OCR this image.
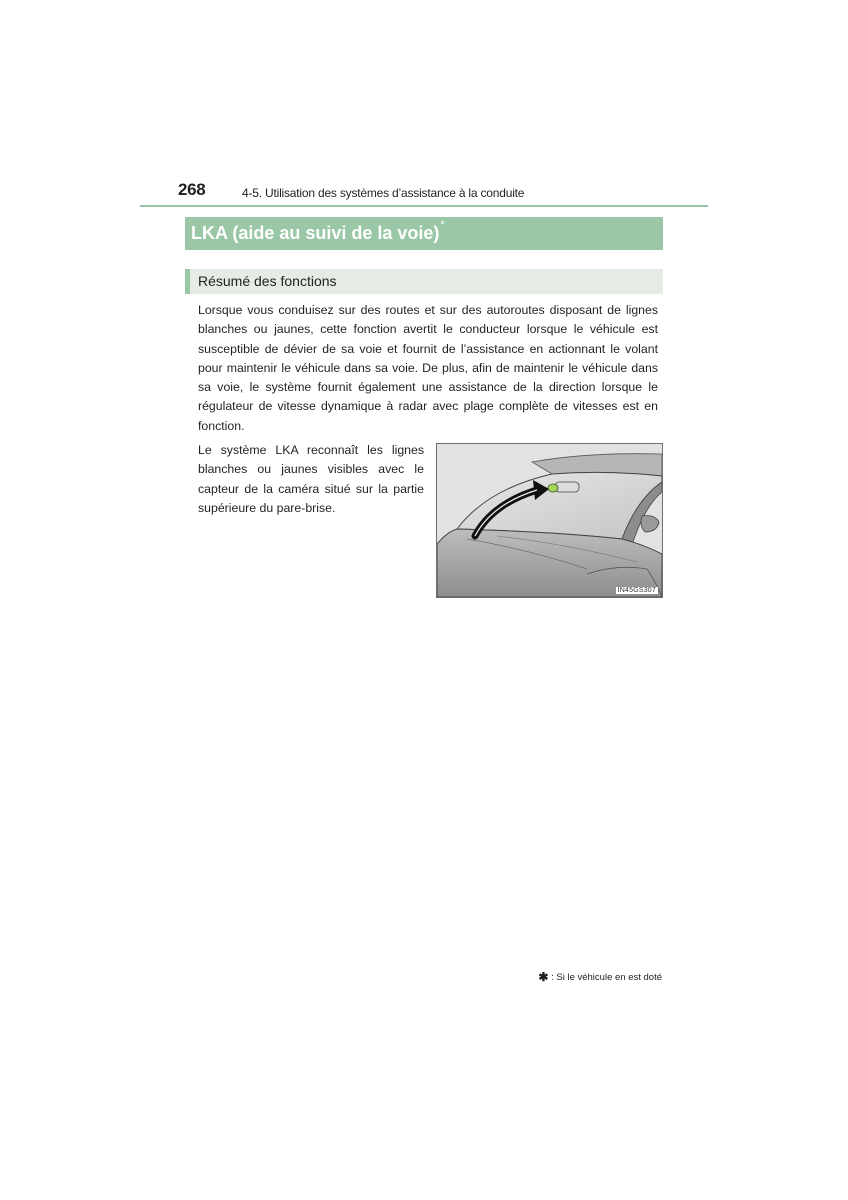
268	4-5. Utilisation des systèmes d’assistance à la conduite
LKA (aide au suivi de la voie)*
Résumé des fonctions

Lorsque vous conduisez sur des routes et sur des autoroutes disposant de lignes blanches ou jaunes, cette fonction avertit le conducteur lorsque le véhicule est susceptible de dévier de sa voie et fournit de l’assistance en actionnant le volant pour maintenir le véhicule dans sa voie. De plus, afin de maintenir le véhicule dans sa voie, le système fournit également une assistance de la direction lorsque le régulateur de vitesse dynamique à radar avec plage complète de vitesses est en fonction.

Le système LKA reconnaît les lignes blanches ou jaunes visibles avec le capteur de la caméra situé sur la partie supérieure du pare-brise.

IN45GS307
✱ : Si le véhicule en est doté
